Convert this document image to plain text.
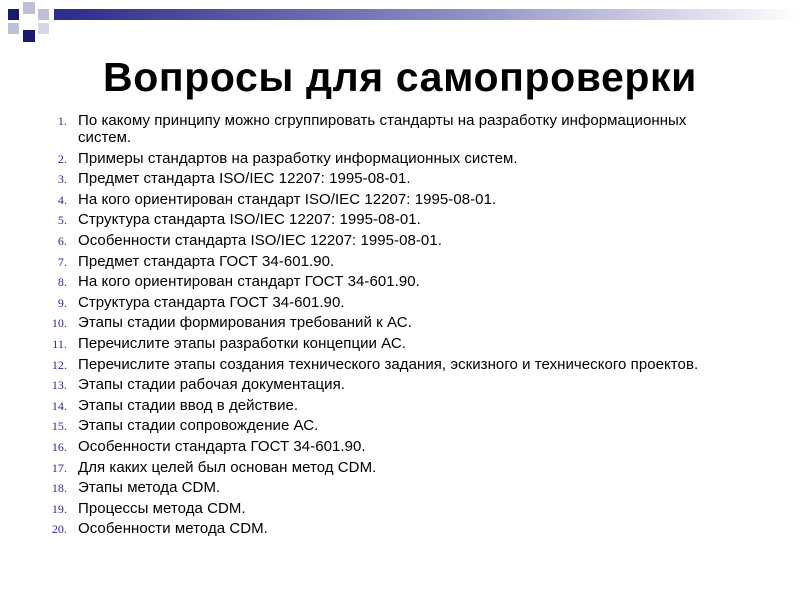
Вопросы для самопроверки
1. По какому принципу можно сгруппировать стандарты на разработку информационных систем.
2. Примеры стандартов на разработку информационных систем.
3. Предмет стандарта ISO/IEC 12207: 1995-08-01.
4. На кого ориентирован стандарт ISO/IEC 12207: 1995-08-01.
5. Структура стандарта ISO/IEC 12207: 1995-08-01.
6. Особенности стандарта ISO/IEC 12207: 1995-08-01.
7. Предмет стандарта ГОСТ 34-601.90.
8. На кого ориентирован стандарт ГОСТ 34-601.90.
9. Структура стандарта ГОСТ 34-601.90.
10. Этапы стадии формирования требований к АС.
11. Перечислите этапы разработки концепции АС.
12. Перечислите этапы создания технического задания, эскизного и технического проектов.
13. Этапы стадии рабочая документация.
14. Этапы стадии ввод в действие.
15. Этапы стадии сопровождение АС.
16. Особенности стандарта ГОСТ 34-601.90.
17. Для каких целей был основан метод CDM.
18. Этапы метода CDM.
19. Процессы метода CDM.
20. Особенности метода CDM.
